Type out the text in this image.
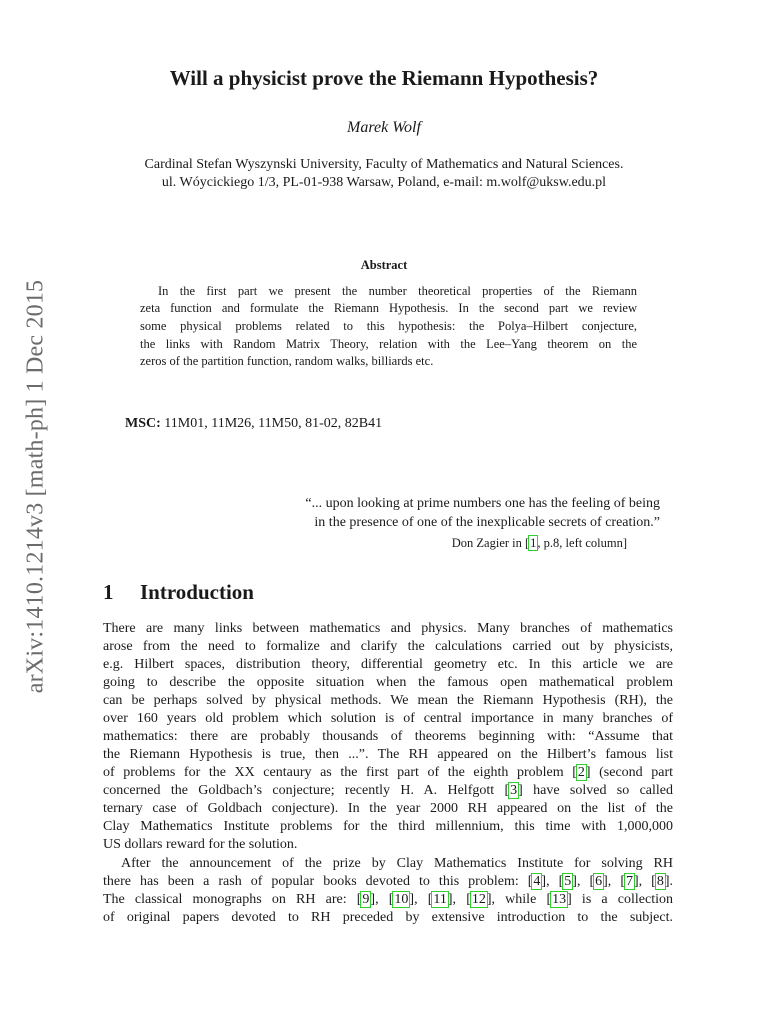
arXiv:1410.1214v3 [math-ph] 1 Dec 2015
Will a physicist prove the Riemann Hypothesis?
Marek Wolf
Cardinal Stefan Wyszynski University, Faculty of Mathematics and Natural Sciences.
ul. Wóycickiego 1/3, PL-01-938 Warsaw, Poland, e-mail: m.wolf@uksw.edu.pl
Abstract
In the first part we present the number theoretical properties of the Riemann
zeta function and formulate the Riemann Hypothesis. In the second part we review
some physical problems related to this hypothesis: the Polya–Hilbert conjecture,
the links with Random Matrix Theory, relation with the Lee–Yang theorem on the
zeros of the partition function, random walks, billiards etc.
MSC: 11M01, 11M26, 11M50, 81-02, 82B41
“... upon looking at prime numbers one has the feeling of being
in the presence of one of the inexplicable secrets of creation.”
Don Zagier in [1, p.8, left column]
1 Introduction
There are many links between mathematics and physics. Many branches of mathematics
arose from the need to formalize and clarify the calculations carried out by physicists,
e.g. Hilbert spaces, distribution theory, differential geometry etc. In this article we are
going to describe the opposite situation when the famous open mathematical problem
can be perhaps solved by physical methods. We mean the Riemann Hypothesis (RH), the
over 160 years old problem which solution is of central importance in many branches of
mathematics: there are probably thousands of theorems beginning with: “Assume that
the Riemann Hypothesis is true, then ...”. The RH appeared on the Hilbert’s famous list
of problems for the XX centaury as the first part of the eighth problem [2] (second part
concerned the Goldbach’s conjecture; recently H. A. Helfgott [3] have solved so called
ternary case of Goldbach conjecture). In the year 2000 RH appeared on the list of the
Clay Mathematics Institute problems for the third millennium, this time with 1,000,000
US dollars reward for the solution.
After the announcement of the prize by Clay Mathematics Institute for solving RH
there has been a rash of popular books devoted to this problem: [4], [5], [6], [7], [8].
The classical monographs on RH are: [9], [10], [11], [12], while [13] is a collection
of original papers devoted to RH preceded by extensive introduction to the subject.
